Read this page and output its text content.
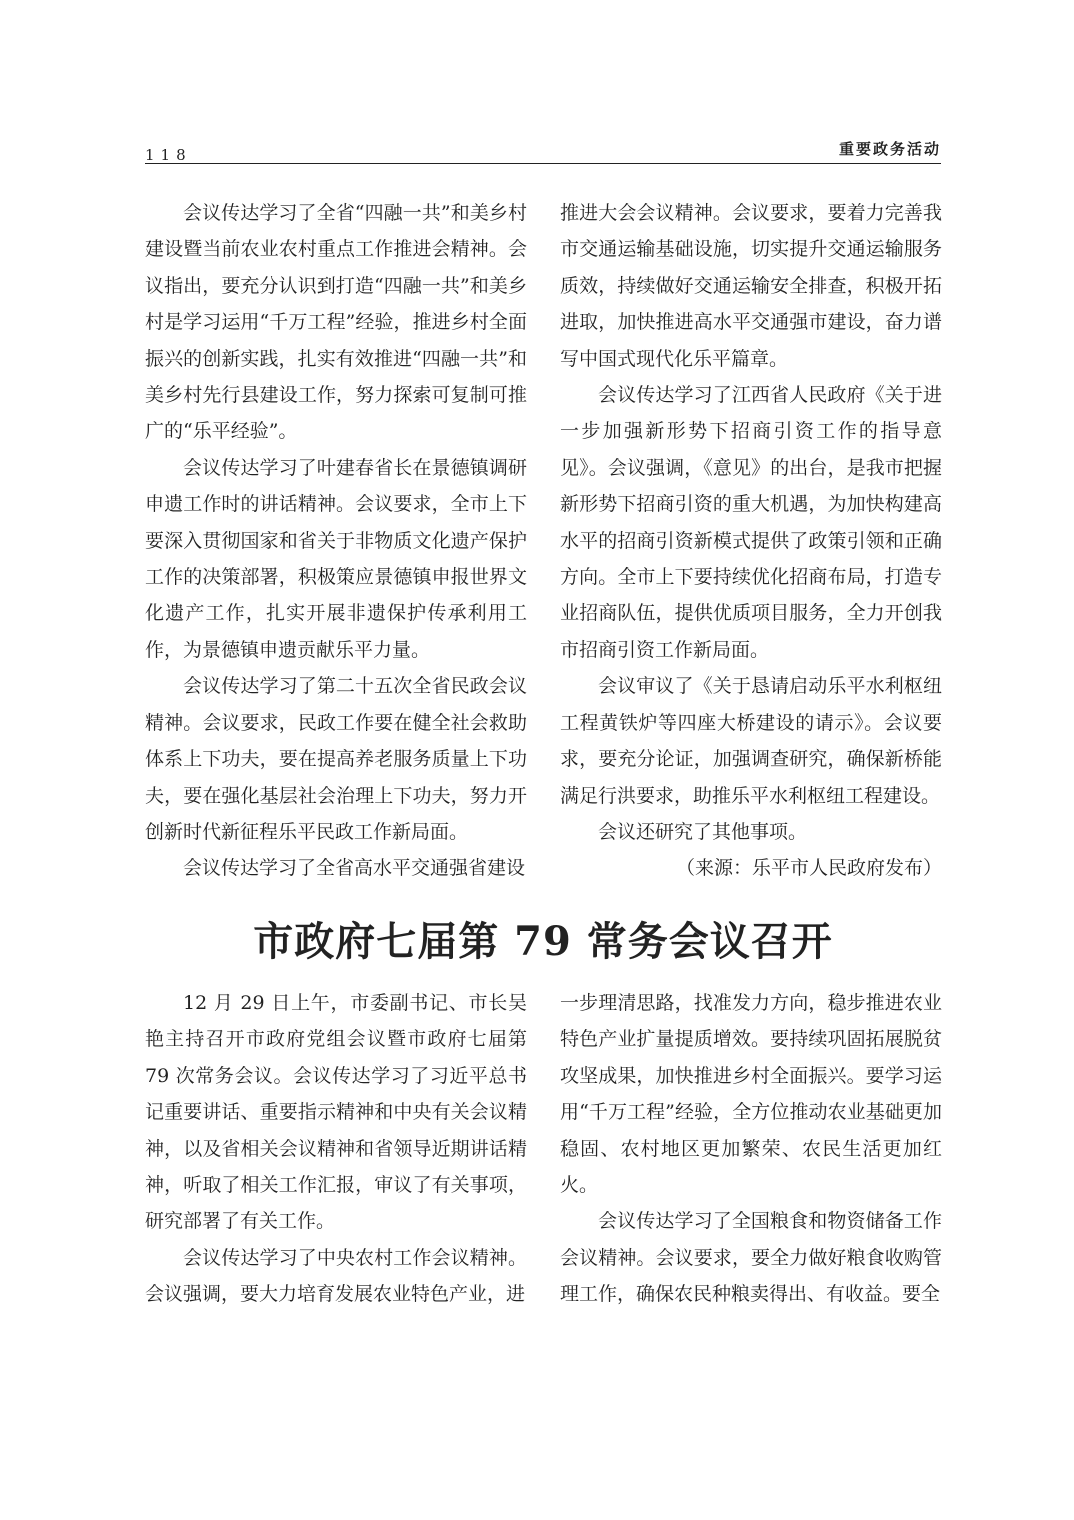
118	重要政务活动

会议传达学习了全省“四融一共”和美乡村建设暨当前农业农村重点工作推进会精神。会议指出，要充分认识到打造“四融一共”和美乡村是学习运用“千万工程”经验，推进乡村全面振兴的创新实践，扎实有效推进“四融一共”和美乡村先行县建设工作，努力探索可复制可推广的“乐平经验”。

会议传达学习了叶建春省长在景德镇调研申遗工作时的讲话精神。会议要求，全市上下要深入贯彻国家和省关于非物质文化遗产保护工作的决策部署，积极策应景德镇申报世界文化遗产工作，扎实开展非遗保护传承利用工作，为景德镇申遗贡献乐平力量。

会议传达学习了第二十五次全省民政会议精神。会议要求，民政工作要在健全社会救助体系上下功夫，要在提高养老服务质量上下功夫，要在强化基层社会治理上下功夫，努力开创新时代新征程乐平民政工作新局面。

会议传达学习了全省高水平交通强省建设

推进大会会议精神。会议要求，要着力完善我市交通运输基础设施，切实提升交通运输服务质效，持续做好交通运输安全排查，积极开拓进取，加快推进高水平交通强市建设，奋力谱写中国式现代化乐平篇章。

会议传达学习了江西省人民政府《关于进一步加强新形势下招商引资工作的指导意见》。会议强调，《意见》的出台，是我市把握新形势下招商引资的重大机遇，为加快构建高水平的招商引资新模式提供了政策引领和正确方向。全市上下要持续优化招商布局，打造专业招商队伍，提供优质项目服务，全力开创我市招商引资工作新局面。

会议审议了《关于恳请启动乐平水利枢纽工程黄铁炉等四座大桥建设的请示》。会议要求，要充分论证，加强调查研究，确保新桥能满足行洪要求，助推乐平水利枢纽工程建设。

会议还研究了其他事项。

（来源：乐平市人民政府发布）

市政府七届第 79 常务会议召开

12 月 29 日上午，市委副书记、市长吴艳主持召开市政府党组会议暨市政府七届第 79 次常务会议。会议传达学习了习近平总书记重要讲话、重要指示精神和中央有关会议精神，以及省相关会议精神和省领导近期讲话精神，听取了相关工作汇报，审议了有关事项，研究部署了有关工作。

会议传达学习了中央农村工作会议精神。会议强调，要大力培育发展农业特色产业，进

一步理清思路，找准发力方向，稳步推进农业特色产业扩量提质增效。要持续巩固拓展脱贫攻坚成果，加快推进乡村全面振兴。要学习运用“千万工程”经验，全方位推动农业基础更加稳固、农村地区更加繁荣、农民生活更加红火。

会议传达学习了全国粮食和物资储备工作会议精神。会议要求，要全力做好粮食收购管理工作，确保农民种粮卖得出、有收益。要全
